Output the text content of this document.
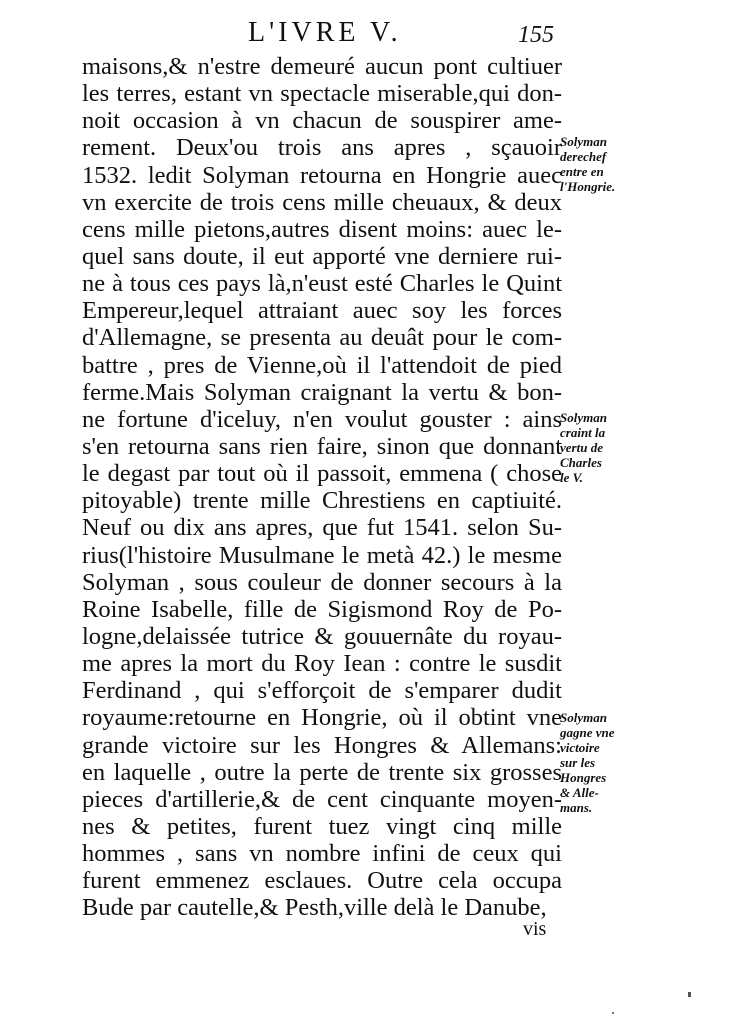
L'IVRE V.	155
maisons,& n'estre demeuré aucun pont cultiuer
les terres, estant vn spectacle miserable,qui don-
noit occasion à vn chacun de souspirer ame-
rement. Deux'ou trois ans apres , sçauoir
1532. ledit Solyman retourna en Hongrie auec
vn exercite de trois cens mille cheuaux, & deux
cens mille pietons,autres disent moins: auec le-
quel sans doute, il eut apporté vne derniere rui-
ne à tous ces pays là,n'eust esté Charles le Quint
Empereur,lequel attraiant auec soy les forces
d'Allemagne, se presenta au deuât pour le com-
battre , pres de Vienne,où il l'attendoit de pied
ferme.Mais Solyman craignant la vertu & bon-
ne fortune d'iceluy, n'en voulut gouster : ains
s'en retourna sans rien faire, sinon que donnant
le degast par tout où il passoit, emmena ( chose
pitoyable) trente mille Chrestiens en captiuité.
Neuf ou dix ans apres, que fut 1541. selon Su-
rius(l'histoire Musulmane le metà 42.) le mesme
Solyman , sous couleur de donner secours à la
Roine Isabelle, fille de Sigismond Roy de Po-
logne,delaissée tutrice & gouuernâte du royau-
me apres la mort du Roy Iean : contre le susdit
Ferdinand , qui s'efforçoit de s'emparer dudit
royaume:retourne en Hongrie, où il obtint vne
grande victoire sur les Hongres & Allemans:
en laquelle , outre la perte de trente six grosses
pieces d'artillerie,& de cent cinquante moyen-
nes & petites, furent tuez vingt cinq mille
hommes , sans vn nombre infini de ceux qui
furent emmenez esclaues. Outre cela occupa
Bude par cautelle,& Pesth,ville delà le Danube,
Solyman
derechef
entre en
l'Hongrie.
Solyman
craint la
vertu de
Charles
le V.
Solyman
gagne vne
victoire
sur les
Hongres
& Alle-
mans.
vis
